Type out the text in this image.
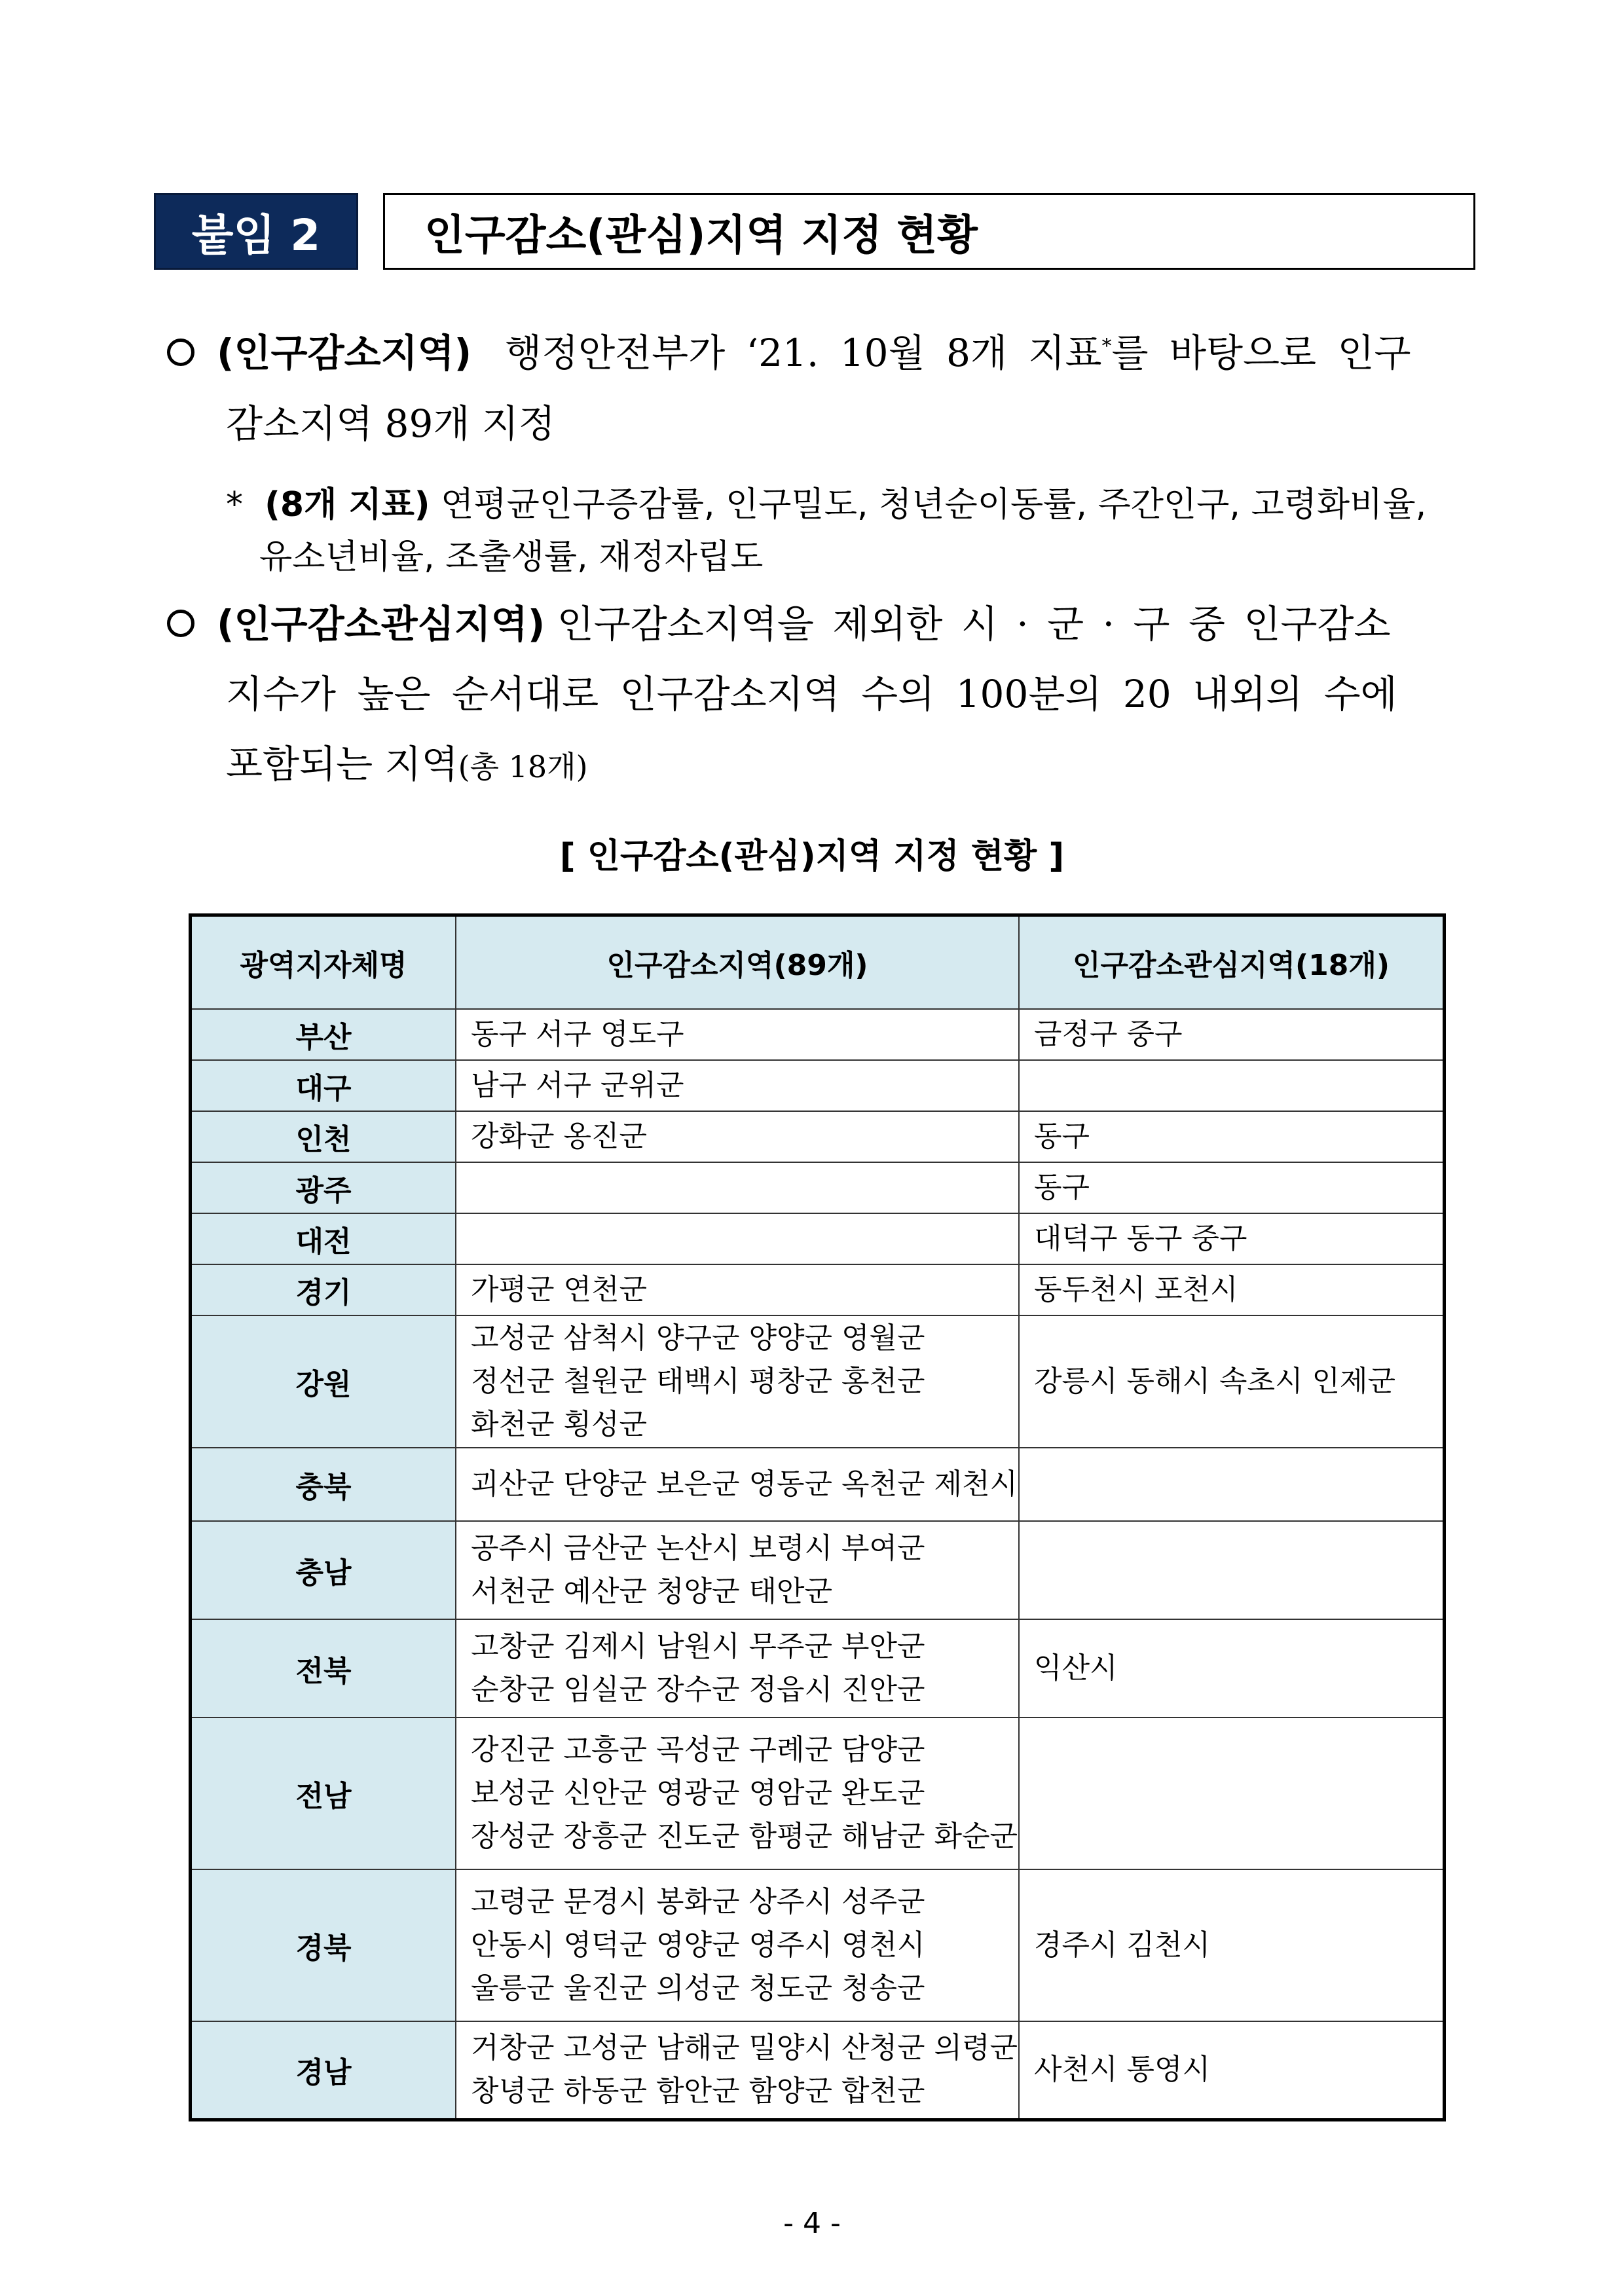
붙임 2	인구감소(관심)지역 지정 현황
(인구감소지역) 행정안전부가 ‘21. 10월 8개 지표*를 바탕으로 인구
감소지역 89개 지정
* (8개 지표) 연평균인구증감률, 인구밀도, 청년순이동률, 주간인구, 고령화비율,
유소년비율, 조출생률, 재정자립도
(인구감소관심지역) 인구감소지역을 제외한 시 · 군 · 구 중 인구감소
지수가 높은 순서대로 인구감소지역 수의 100분의 20 내외의 수에
포함되는 지역(총 18개)
[ 인구감소(관심)지역 지정 현황 ]
광역지자체명	인구감소지역(89개)	인구감소관심지역(18개)
부산	동구 서구 영도구	금정구 중구

대구	남구 서구 군위군	

인천	강화군 옹진군	동구

광주		동구

대전		대덕구 동구 중구

경기	가평군 연천군	동두천시 포천시

강원	고성군 삼척시 양구군 양양군 영월군
정선군 철원군 태백시 평창군 홍천군
화천군 횡성군	강릉시 동해시 속초시 인제군

충북	괴산군 단양군 보은군 영동군 옥천군 제천시	

충남	공주시 금산군 논산시 보령시 부여군
서천군 예산군 청양군 태안군	

전북	고창군 김제시 남원시 무주군 부안군
순창군 임실군 장수군 정읍시 진안군	익산시

전남	강진군 고흥군 곡성군 구례군 담양군
보성군 신안군 영광군 영암군 완도군
장성군 장흥군 진도군 함평군 해남군 화순군	

경북	고령군 문경시 봉화군 상주시 성주군
안동시 영덕군 영양군 영주시 영천시
울릉군 울진군 의성군 청도군 청송군	경주시 김천시

경남	거창군 고성군 남해군 밀양시 산청군 의령군
창녕군 하동군 함안군 함양군 합천군	사천시 통영시
- 4 -
